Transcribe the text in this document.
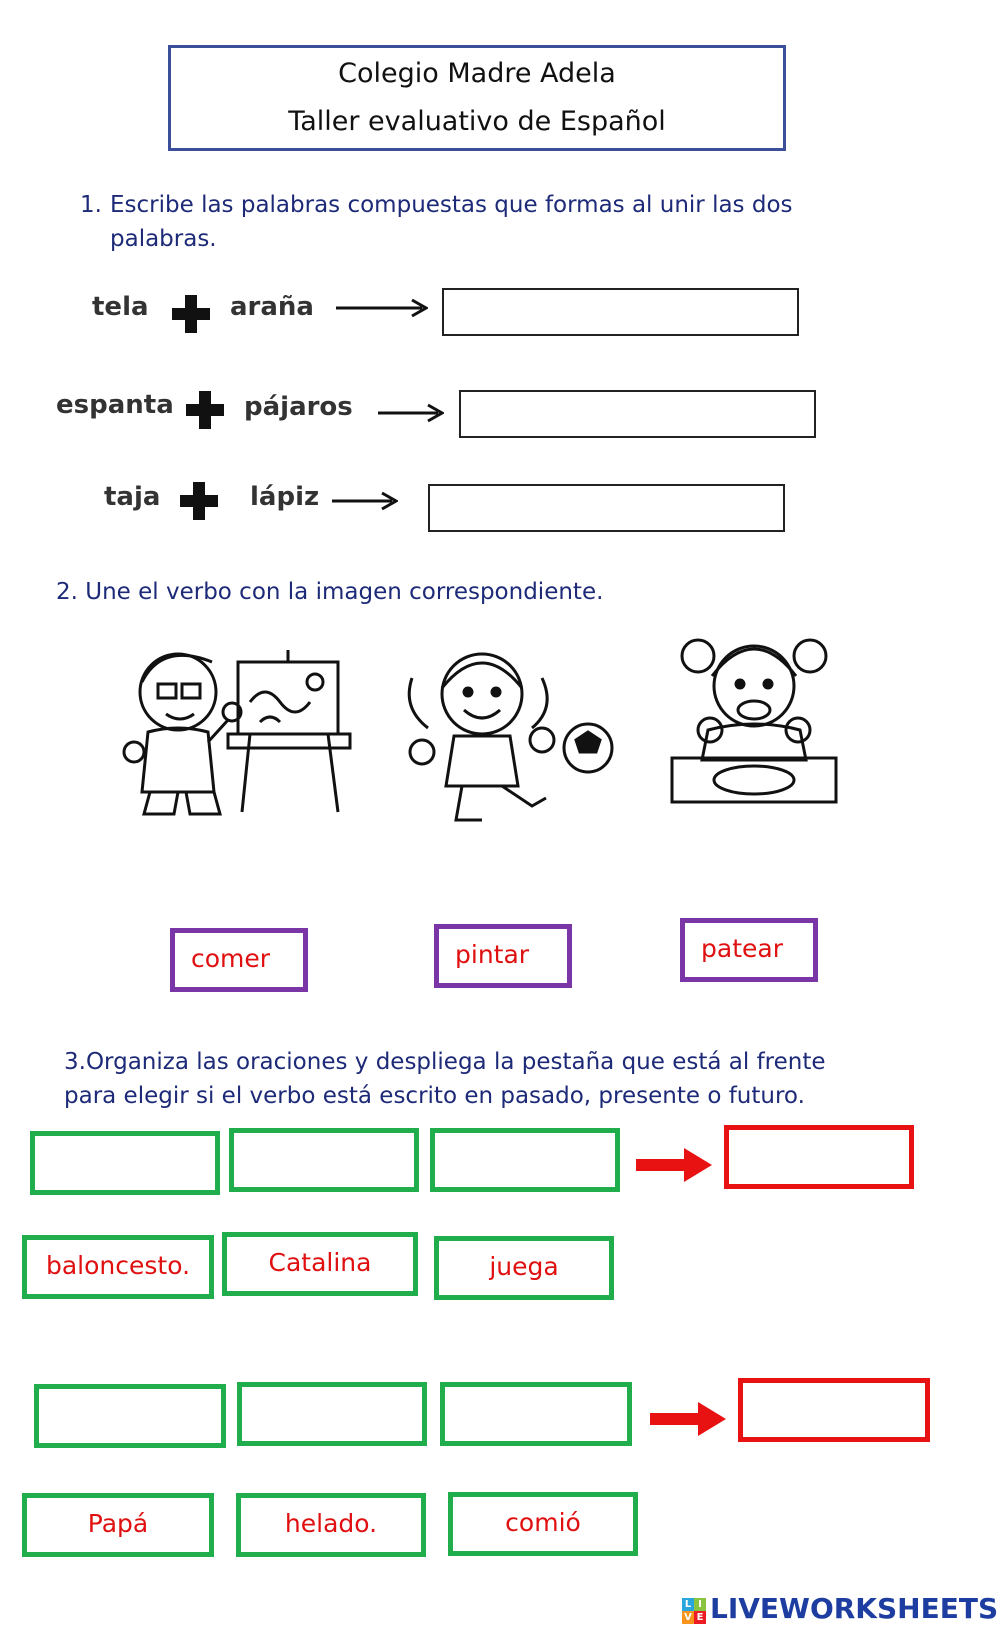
Colegio Madre Adela
Taller evaluativo de Español
1. Escribe las palabras compuestas que formas al unir las dos
palabras.
tela	araña
espanta	pájaros
taja	lápiz
2. Une el verbo con la imagen correspondiente.
comer	pintar	patear
3.Organiza las oraciones y despliega la pestaña que está al frente
para elegir si el verbo está escrito en pasado, presente o futuro.
baloncesto.	Catalina	juega
Papá	helado.	comió
L I
V E LIVEWORKSHEETS
